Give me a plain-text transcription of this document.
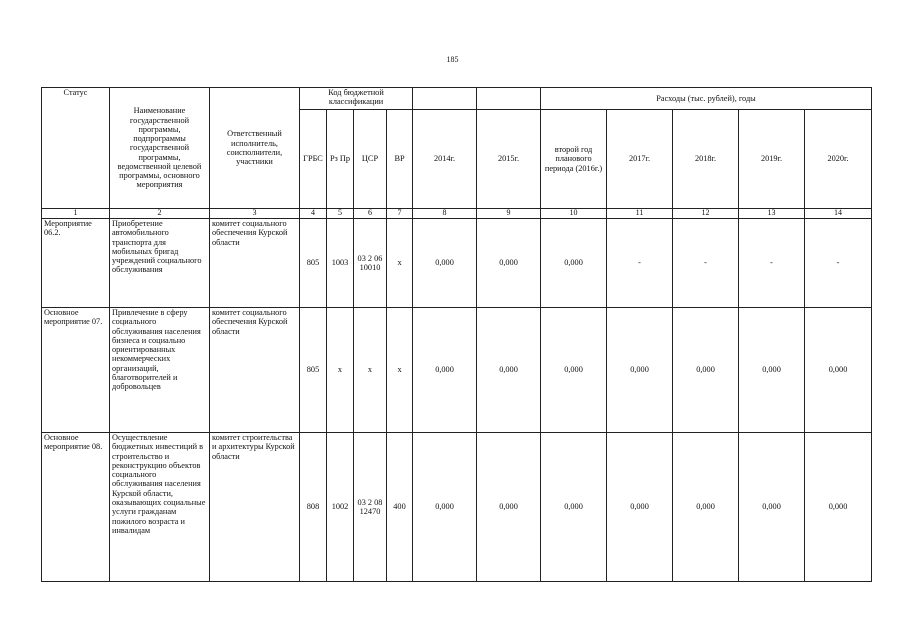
185
Статус	Наименование государственной программы, подпрограммы государственной программы, ведомственной целевой программы, основного мероприятия	Ответственный исполнитель, соисполнители, участники	Код бюджетной классификации						Расходы (тыс. рублей), годы				
			ГРБС	Рз Пр	ЦСР	ВР	2014г.	2015г.	второй год планового периода (2016г.)	2017г.	2018г.	2019г.	2020г.
1	2	3	4	5	6	7	8	9	10	11	12	13	14
Мероприятие 06.2.	Приобретение автомобильного транспорта для мобильных бригад учреждений социального обслуживания	комитет социального обеспечения Курской области	805	1003	03 2 06 10010	х	0,000	0,000	0,000	-	-	-	-
Основное мероприятие 07.	Привлечение в сферу социального обслуживания населения бизнеса и социально ориентированных некоммерческих организаций, благотворителей и добровольцев	комитет социального обеспечения Курской области	805	х	х	х	0,000	0,000	0,000	0,000	0,000	0,000	0,000
Основное мероприятие 08.	Осуществление бюджетных инвестиций в строительство и реконструкцию объектов социального обслуживания населения Курской области, оказывающих социальные услуги гражданам пожилого возраста и инвалидам	комитет строительства и архитектуры Курской области	808	1002	03 2 08 12470	400	0,000	0,000	0,000	0,000	0,000	0,000	0,000
